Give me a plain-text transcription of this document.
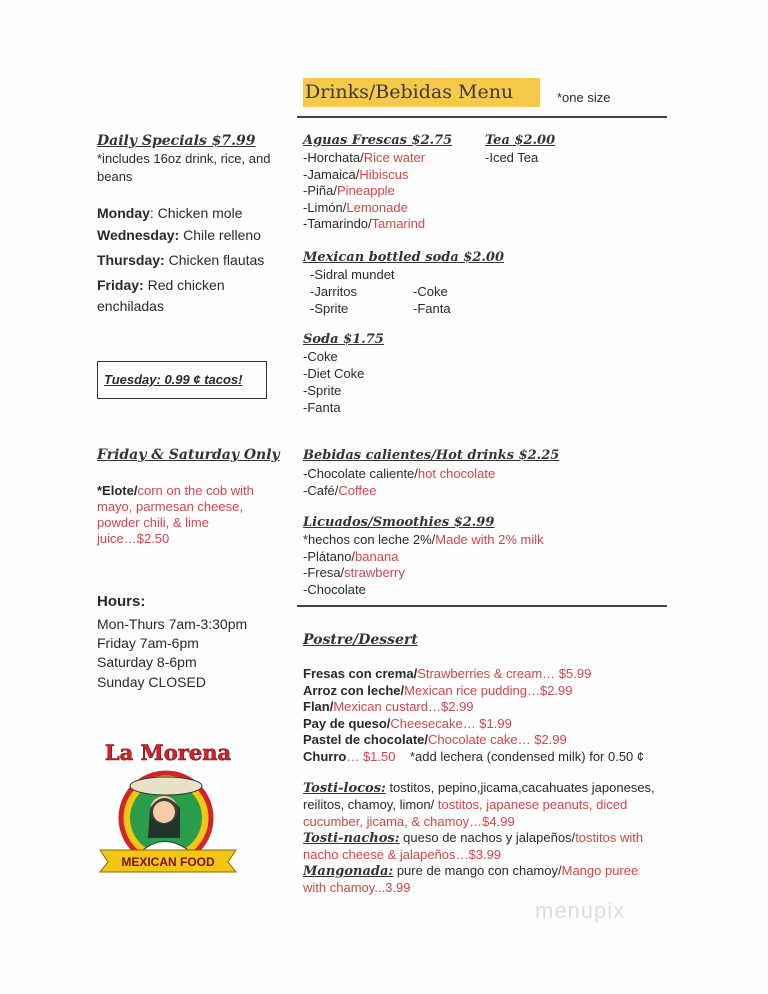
Drinks/Bebidas Menu	*one size
Aguas Frescas $2.75	Tea $2.00
-Iced Tea
-Horchata/Rice water
-Jamaica/Hibiscus
-Piña/Pineapple
-Limón/Lemonade
-Tamarindo/Tamarind
Mexican bottled soda $2.00
-Sidral mundet
-Jarritos	-Coke
-Sprite	-Fanta
Soda $1.75
-Coke
-Diet Coke
-Sprite
-Fanta
Bebidas calientes/Hot drinks $2.25
-Chocolate caliente/hot chocolate
-Café/Coffee
Licuados/Smoothies $2.99
*hechos con leche 2%/Made with 2% milk
-Plátano/banana
-Fresa/strawberry
-Chocolate
Postre/Dessert
Fresas con crema/Strawberries & cream… $5.99
Arroz con leche/Mexican rice pudding…$2.99
Flan/Mexican custard…$2.99
Pay de queso/Cheesecake… $1.99
Pastel de chocolate/Chocolate cake… $2.99
Churro… $1.50 *add lechera (condensed milk) for 0.50 ¢
Tosti-locos: tostitos, pepino,jicama,cacahuates japoneses,
reilitos, chamoy, limon/ tostitos, japanese peanuts, diced
cucumber, jicama, & chamoy…$4.99
Tosti-nachos: queso de nachos y jalapeños/tostitos with
nacho cheese & jalapeños…$3.99
Mangonada: pure de mango con chamoy/Mango puree
with chamoy...3.99
Daily Specials $7.99
*includes 16oz drink, rice, and
beans
Monday: Chicken mole
Wednesday: Chile relleno
Thursday: Chicken flautas
Friday: Red chicken
enchiladas
Tuesday: 0.99 ¢ tacos!
Friday & Saturday Only
*Elote/corn on the cob with
mayo, parmesan cheese,
powder chili, & lime
juice…$2.50
Hours:
Mon-Thurs 7am-3:30pm
Friday 7am-6pm
Saturday 8-6pm
Sunday CLOSED
La Morena
MEXICAN FOOD
menupix
